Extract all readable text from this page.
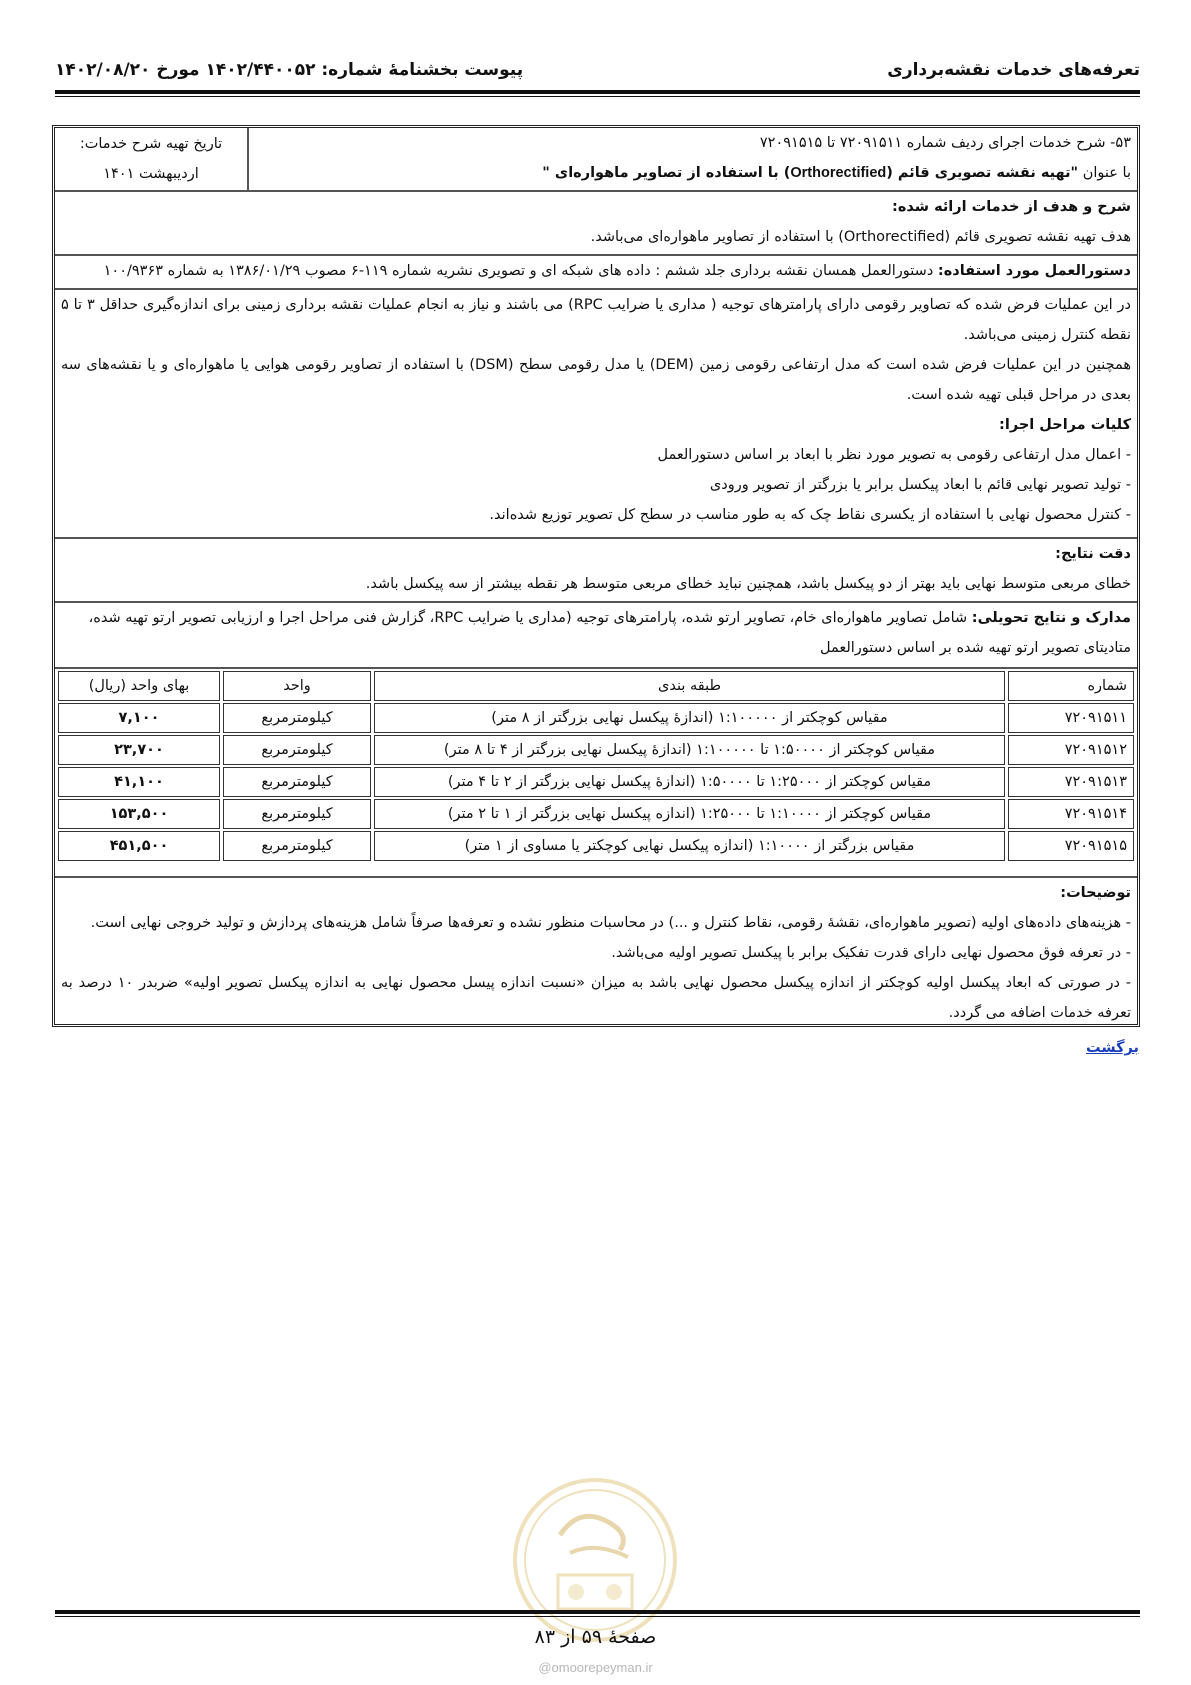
تعرفه‌های خدمات نقشه‌برداری
پیوست بخشنامهٔ شماره: ۱۴۰۲/۴۴۰۰۵۲ مورخ ۱۴۰۲/۰۸/۲۰

۵۳- شرح خدمات اجرای ردیف شماره ۷۲۰۹۱۵۱۱ تا ۷۲۰۹۱۵۱۵

با عنوان "تهیه نقشه تصویری قائم (Orthorectified) با استفاده از تصاویر ماهواره‌ای "

تاریخ تهیه شرح خدمات:

اردیبهشت ۱۴۰۱

شرح و هدف از خدمات ارائه شده:

هدف تهیه نقشه تصویری قائم (Orthorectified) با استفاده از تصاویر ماهواره‌ای می‌باشد.

دستورالعمل مورد استفاده: دستورالعمل همسان نقشه برداری جلد ششم : داده های شبکه ای و تصویری نشریه شماره ۱۱۹-۶ مصوب ۱۳۸۶/۰۱/۲۹ به شماره ۱۰۰/۹۳۶۳

در این عملیات فرض شده که تصاویر رقومی دارای پارامترهای توجیه ( مداری یا ضرایب RPC) می باشند و نیاز به انجام عملیات نقشه برداری زمینی برای اندازه‌گیری حداقل ۳ تا ۵ نقطه کنترل زمینی می‌باشد.

همچنین در این عملیات فرض شده است که مدل ارتفاعی رقومی زمین (DEM) یا مدل رقومی سطح (DSM) با استفاده از تصاویر رقومی هوایی یا ماهواره‌ای و یا نقشه‌های سه بعدی در مراحل قبلی تهیه شده است.

کلیات مراحل اجرا:

- اعمال مدل ارتفاعی رقومی به تصویر مورد نظر با ابعاد بر اساس دستورالعمل

- تولید تصویر نهایی قائم با ابعاد پیکسل برابر یا بزرگتر از تصویر ورودی

- کنترل محصول نهایی با استفاده از یکسری نقاط چک که به طور مناسب در سطح کل تصویر توزیع شده‌اند.

دقت نتایج:

خطای مربعی متوسط نهایی باید بهتر از دو پیکسل باشد، همچنین نباید خطای مربعی متوسط هر نقطه بیشتر از سه پیکسل باشد.

مدارک و نتایج تحویلی: شامل تصاویر ماهواره‌ای خام، تصاویر ارتو شده، پارامترهای توجیه (مداری یا ضرایب RPC، گزارش فنی مراحل اجرا و ارزیابی تصویر ارتو تهیه شده، متادیتای تصویر ارتو تهیه شده بر اساس دستورالعمل

شماره	طبقه بندی	واحد	بهای واحد (ریال)
۷۲۰۹۱۵۱۱	مقیاس کوچکتر از ۱:۱۰۰۰۰۰ (اندازهٔ پیکسل نهایی بزرگتر از ۸ متر)	کیلومترمربع	۷,۱۰۰
۷۲۰۹۱۵۱۲	مقیاس کوچکتر از ۱:۵۰۰۰۰ تا ۱:۱۰۰۰۰۰ (اندازهٔ پیکسل نهایی بزرگتر از ۴ تا ۸ متر)	کیلومترمربع	۲۳,۷۰۰
۷۲۰۹۱۵۱۳	مقیاس کوچکتر از ۱:۲۵۰۰۰ تا ۱:۵۰۰۰۰ (اندازهٔ پیکسل نهایی بزرگتر از ۲ تا ۴ متر)	کیلومترمربع	۴۱,۱۰۰
۷۲۰۹۱۵۱۴	مقیاس کوچکتر از ۱:۱۰۰۰۰ تا ۱:۲۵۰۰۰ (اندازه پیکسل نهایی بزرگتر از ۱ تا ۲ متر)	کیلومترمربع	۱۵۳,۵۰۰
۷۲۰۹۱۵۱۵	مقیاس بزرگتر از ۱:۱۰۰۰۰ (اندازه پیکسل نهایی کوچکتر یا مساوی از ۱ متر)	کیلومترمربع	۴۵۱,۵۰۰

توضیحات:

- هزینه‌های داده‌های اولیه (تصویر ماهواره‌ای، نقشهٔ رقومی، نقاط کنترل و ...) در محاسبات منظور نشده و تعرفه‌ها صرفاً شامل هزینه‌های پردازش و تولید خروجی نهایی است.

- در تعرفه فوق محصول نهایی دارای قدرت تفکیک برابر با پیکسل تصویر اولیه می‌باشد.

- در صورتی که ابعاد پیکسل اولیه کوچکتر از اندازه پیکسل محصول نهایی باشد به میزان «نسبت اندازه پیسل محصول نهایی به اندازه پیکسل تصویر اولیه» ضربدر ۱۰ درصد به تعرفه خدمات اضافه می گردد.

برگشت
صفحهٔ ۵۹ از ۸۳
@omoorepeyman.ir
